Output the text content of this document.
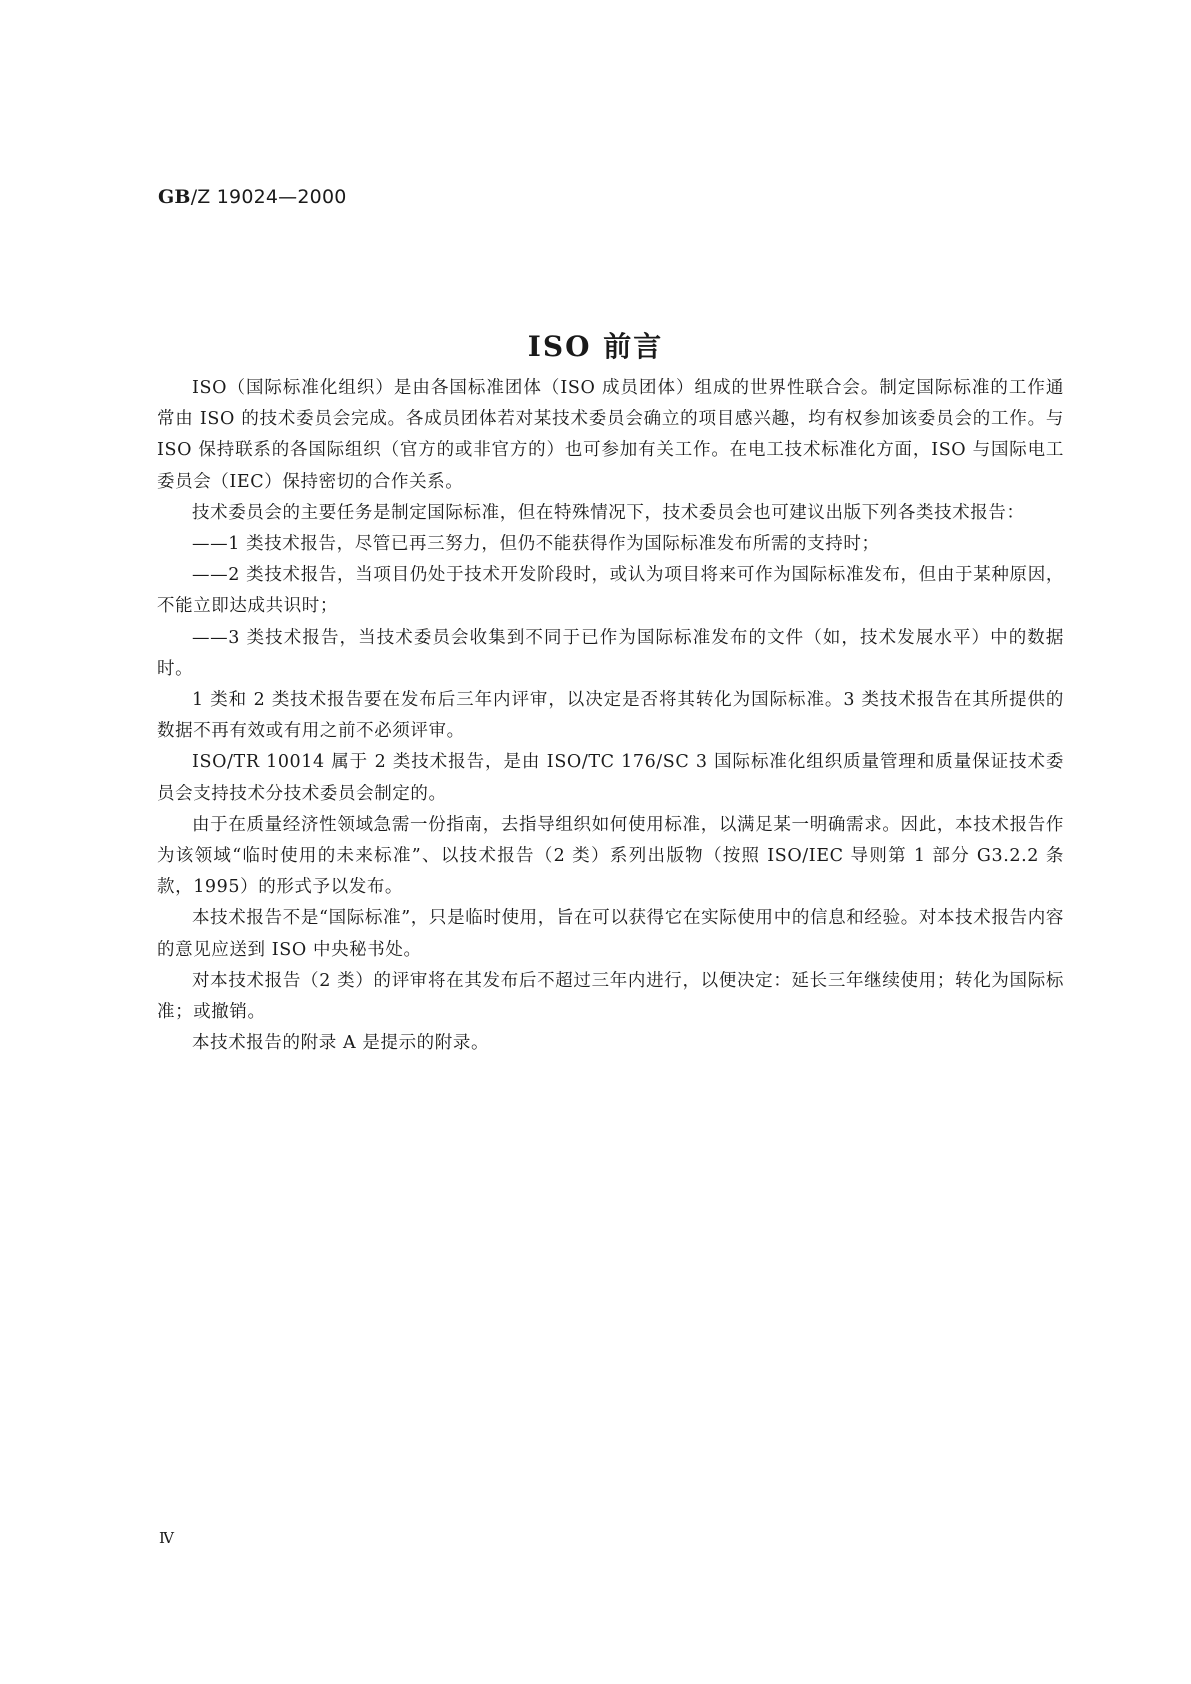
GB/Z 19024—2000
ISO 前言

ISO（国际标准化组织）是由各国标准团体（ISO 成员团体）组成的世界性联合会。制定国际标准的工作通常由 ISO 的技术委员会完成。各成员团体若对某技术委员会确立的项目感兴趣，均有权参加该委员会的工作。与 ISO 保持联系的各国际组织（官方的或非官方的）也可参加有关工作。在电工技术标准化方面，ISO 与国际电工委员会（IEC）保持密切的合作关系。

技术委员会的主要任务是制定国际标准，但在特殊情况下，技术委员会也可建议出版下列各类技术报告：

——1 类技术报告，尽管已再三努力，但仍不能获得作为国际标准发布所需的支持时；

——2 类技术报告，当项目仍处于技术开发阶段时，或认为项目将来可作为国际标准发布，但由于某种原因，不能立即达成共识时；

——3 类技术报告，当技术委员会收集到不同于已作为国际标准发布的文件（如，技术发展水平）中的数据时。

1 类和 2 类技术报告要在发布后三年内评审，以决定是否将其转化为国际标准。3 类技术报告在其所提供的数据不再有效或有用之前不必须评审。

ISO/TR 10014 属于 2 类技术报告，是由 ISO/TC 176/SC 3 国际标准化组织质量管理和质量保证技术委员会支持技术分技术委员会制定的。

由于在质量经济性领域急需一份指南，去指导组织如何使用标准，以满足某一明确需求。因此，本技术报告作为该领域“临时使用的未来标准”、以技术报告（2 类）系列出版物（按照 ISO/IEC 导则第 1 部分 G3.2.2 条款，1995）的形式予以发布。

本技术报告不是“国际标准”，只是临时使用，旨在可以获得它在实际使用中的信息和经验。对本技术报告内容的意见应送到 ISO 中央秘书处。

对本技术报告（2 类）的评审将在其发布后不超过三年内进行，以便决定：延长三年继续使用；转化为国际标准；或撤销。

本技术报告的附录 A 是提示的附录。

Ⅳ
